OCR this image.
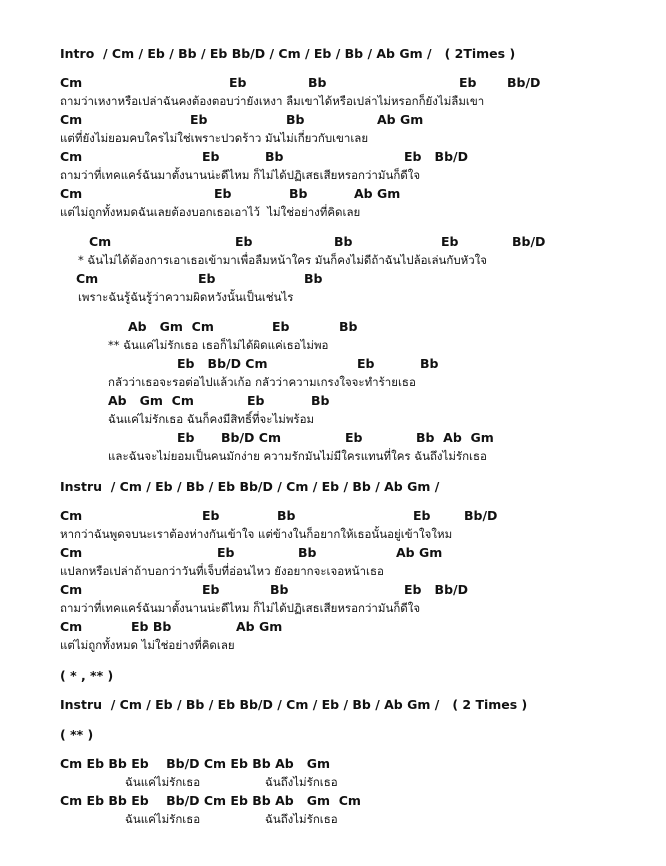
Intro  / Cm / Eb / Bb / Eb Bb/D / Cm / Eb / Bb / Ab Gm /   ( 2Times )

Cm

	Eb

	Bb

	Eb

Bb/D

ถามว่าเหงาหรือเปล่าฉันคงต้องตอบว่ายังเหงา ลืมเขาได้หรือเปล่าไม่หรอกก็ยังไม่ลืมเขา

Cm

	Eb

	Bb

	Ab Gm

แต่ที่ยังไม่ยอมคบใครไม่ใช่เพราะปวดร้าว มันไม่เกี่ยวกับเขาเลย

Cm

	Eb

	Bb

	Eb   Bb/D

ถามว่าที่เทคแคร์ฉันมาตั้งนานน่ะดีไหม ก็ไม่ได้ปฏิเสธเสียหรอกว่ามันก็ดีใจ

Cm

	Eb

	Bb

	Ab Gm

แต่ไม่ถูกทั้งหมดฉันเลยต้องบอกเธอเอาไว้  ไม่ใช่อย่างที่คิดเลย

Cm

	Eb

	Bb

	Eb

	Bb/D

* ฉันไม่ได้ต้องการเอาเธอเข้ามาเพื่อลืมหน้าใคร มันก็คงไม่ดีถ้าฉันไปล้อเล่นกับหัวใจ

Cm

	Eb

	Bb

เพราะฉันรู้ฉันรู้ว่าความผิดหวังนั้นเป็นเช่นไร

Ab   Gm  Cm

	Eb

	Bb

** ฉันแค่ไม่รักเธอ เธอก็ไม่ได้ผิดแค่เธอไม่พอ

Eb   Bb/D Cm

	Eb

	Bb

กลัวว่าเธอจะรอต่อไปแล้วเก้อ กลัวว่าความเกรงใจจะทำร้ายเธอ

Ab   Gm  Cm

	Eb

	Bb

ฉันแค่ไม่รักเธอ ฉันก็คงมีสิทธิ์ที่จะไม่พร้อม

Eb

Bb/D Cm

	Eb

	Bb  Ab  Gm

และฉันจะไม่ยอมเป็นคนมักง่าย ความรักมันไม่มีใครแทนที่ใคร ฉันถึงไม่รักเธอ
Instru  / Cm / Eb / Bb / Eb Bb/D / Cm / Eb / Bb / Ab Gm /

Cm

	Eb

	Bb

	Eb

	Bb/D

หากว่าฉันพูดจบนะเราต้องห่างกันเข้าใจ แต่ข้างในก็อยากให้เธอนั้นอยู่เข้าใจใหม

Cm

	Eb

	Bb

	Ab Gm

แปลกหรือเปล่าถ้าบอกว่าวันที่เจ็บที่อ่อนไหว ยังอยากจะเจอหน้าเธอ

Cm

	Eb

	Bb

	Eb   Bb/D

ถามว่าที่เทคแคร์ฉันมาตั้งนานน่ะดีไหม ก็ไม่ได้ปฏิเสธเสียหรอกว่ามันก็ดีใจ

Cm

	Eb Bb

	Ab Gm

แต่ไม่ถูกทั้งหมด ไม่ใช่อย่างที่คิดเลย
( * , ** )
Instru  / Cm / Eb / Bb / Eb Bb/D / Cm / Eb / Bb / Ab Gm /   ( 2 Times )
( ** )
Cm Eb Bb Eb    Bb/D Cm Eb Bb Ab   Gm

ฉันแค่ไม่รักเธอ

	ฉันถึงไม่รักเธอ

Cm Eb Bb Eb    Bb/D Cm Eb Bb Ab   Gm  Cm

ฉันแค่ไม่รักเธอ

	ฉันถึงไม่รักเธอ
